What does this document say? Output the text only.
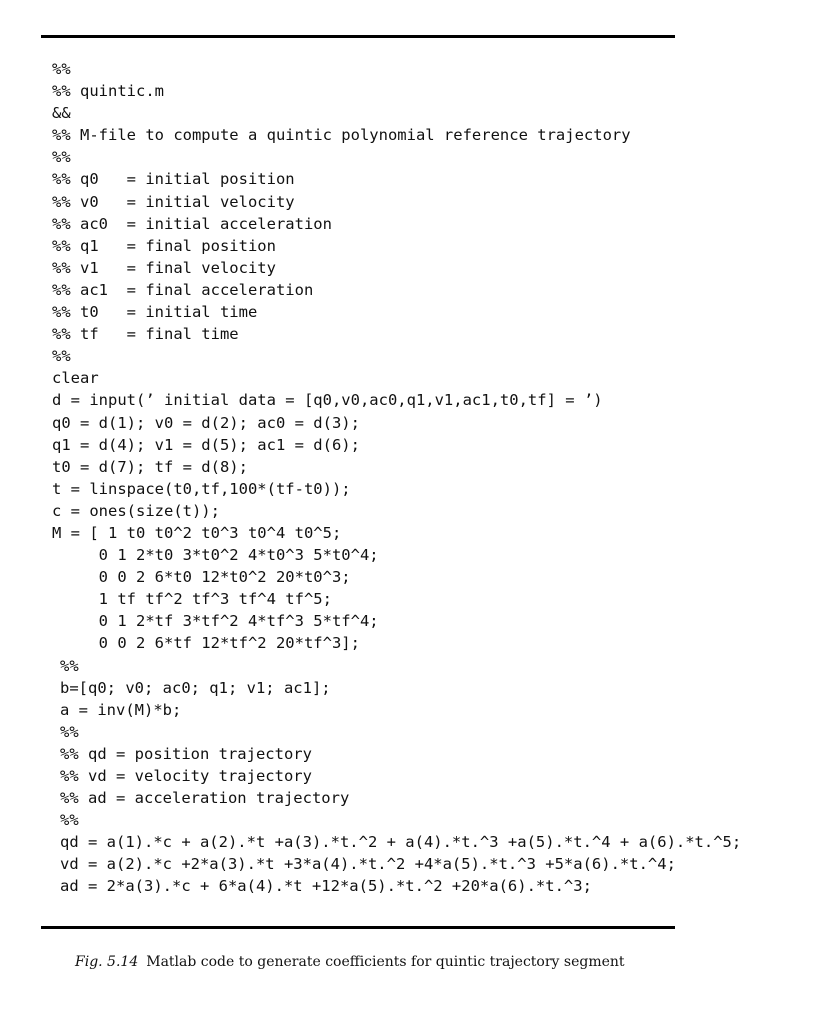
%%
%% quintic.m
&&
%% M-file to compute a quintic polynomial reference trajectory
%%
%% q0   = initial position
%% v0   = initial velocity
%% ac0  = initial acceleration
%% q1   = final position
%% v1   = final velocity
%% ac1  = final acceleration
%% t0   = initial time
%% tf   = final time
%%
clear
d = input(’ initial data = [q0,v0,ac0,q1,v1,ac1,t0,tf] = ’)
q0 = d(1); v0 = d(2); ac0 = d(3);
q1 = d(4); v1 = d(5); ac1 = d(6);
t0 = d(7); tf = d(8);
t = linspace(t0,tf,100*(tf-t0));
c = ones(size(t));
M = [ 1 t0 t0^2 t0^3 t0^4 t0^5;
0 1 2*t0 3*t0^2 4*t0^3 5*t0^4;
0 0 2 6*t0 12*t0^2 20*t0^3;
1 tf tf^2 tf^3 tf^4 tf^5;
0 1 2*tf 3*tf^2 4*tf^3 5*tf^4;
0 0 2 6*tf 12*tf^2 20*tf^3];
%%
b=[q0; v0; ac0; q1; v1; ac1];
a = inv(M)*b;
%%
%% qd = position trajectory
%% vd = velocity trajectory
%% ad = acceleration trajectory
%%
qd = a(1).*c + a(2).*t +a(3).*t.^2 + a(4).*t.^3 +a(5).*t.^4 + a(6).*t.^5;
vd = a(2).*c +2*a(3).*t +3*a(4).*t.^2 +4*a(5).*t.^3 +5*a(6).*t.^4;
ad = 2*a(3).*c + 6*a(4).*t +12*a(5).*t.^2 +20*a(6).*t.^3;

Fig. 5.14 Matlab code to generate coefficients for quintic trajectory segment
